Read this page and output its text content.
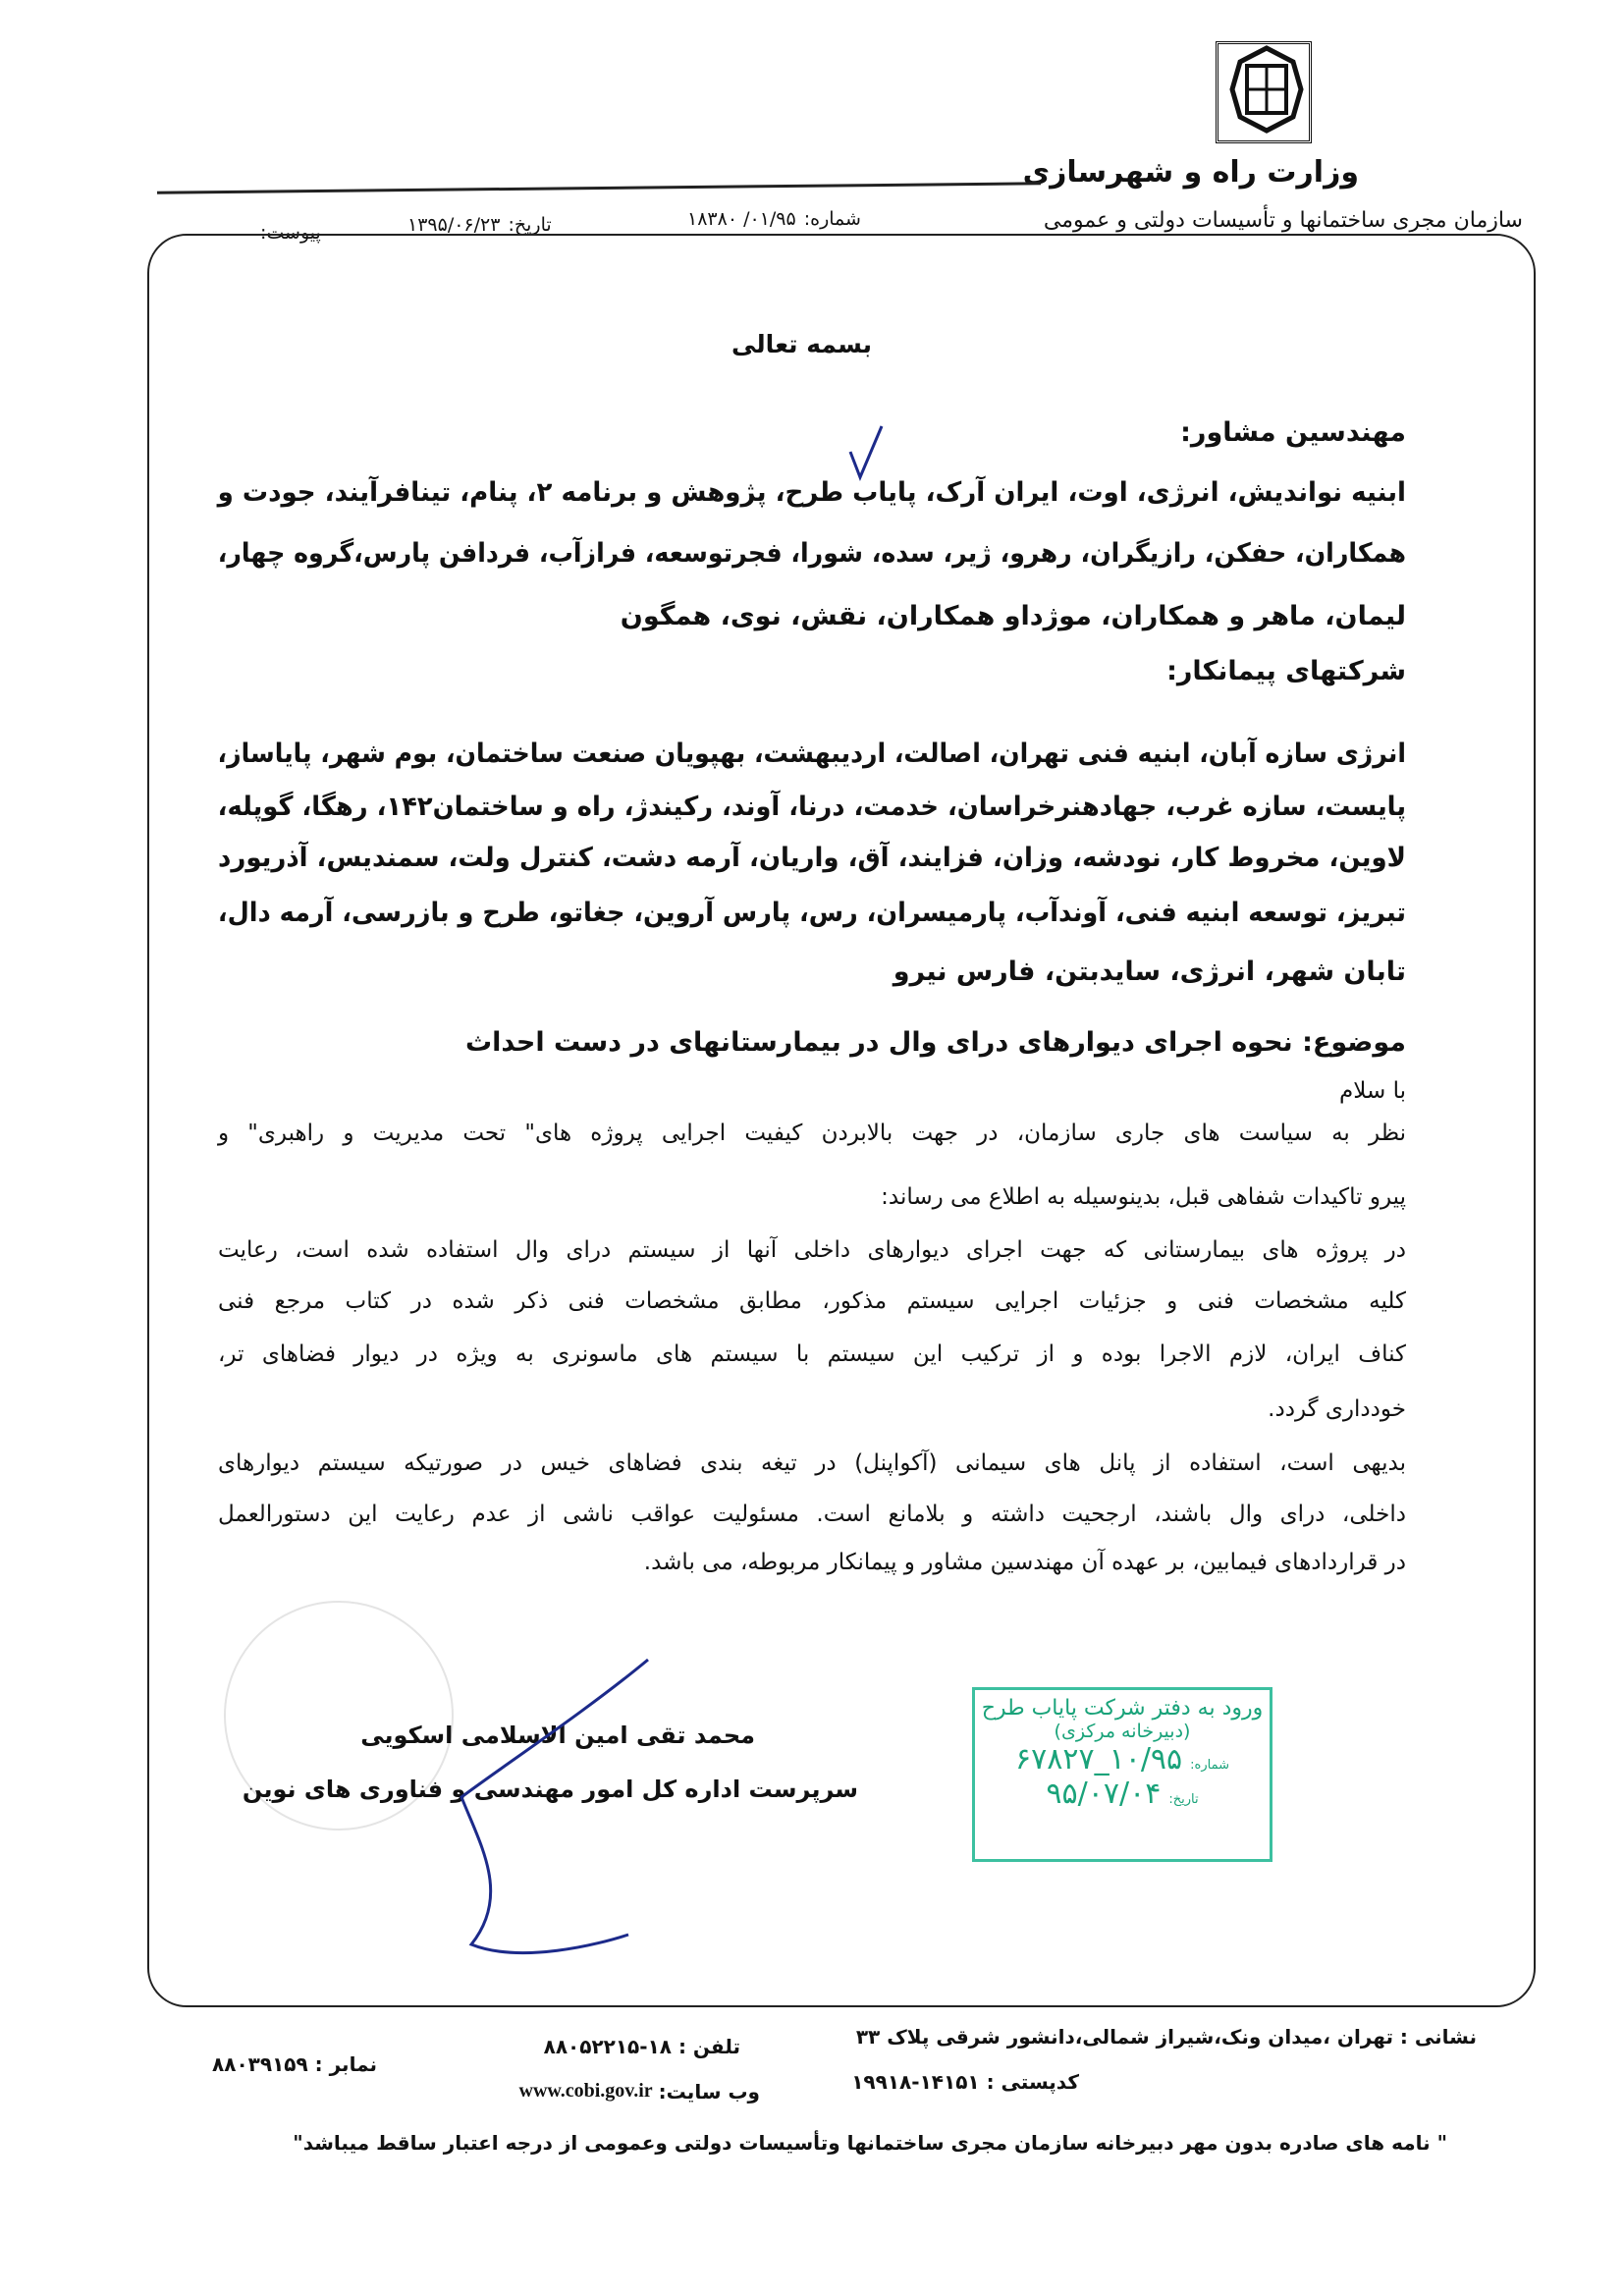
وزارت راه و شهرسازی
سازمان مجری ساختمانها و تأسیسات دولتی و عمومی
شماره:
۰۱/۹۵/ ۱۸۳۸۰
تاریخ:
۱۳۹۵/۰۶/۲۳
پیوست:
بسمه تعالی
مهندسین مشاور:
ابنیه نواندیش، انرژی، اوت، ایران آرک، پایاب طرح، پژوهش و برنامه ۲، پنام، تینافرآیند، جودت و
همکاران، حفکن، رازیگران، رهرو، ژیر، سده، شورا، فجرتوسعه، فرازآب، فردافن پارس،گروه چهار،
لیمان، ماهر و همکاران، موژداو همکاران، نقش، نوی، همگون
شرکتهای پیمانکار:
انرژی سازه آبان، ابنیه فنی تهران، اصالت، اردیبهشت، بهپویان صنعت ساختمان، بوم شهر، پایاساز،
پایست، سازه غرب، جهادهنرخراسان، خدمت، درنا، آوند، رکیندژ، راه و ساختمان۱۴۲، رهگا، گوپله،
لاوین، مخروط کار، نودشه، وزان، فزایند، آق، واریان، آرمه دشت، کنترل ولت، سمندیس، آذریورد
تبریز، توسعه ابنیه فنی، آوندآب، پارمیسران، رس، پارس آروین، جغاتو، طرح و بازرسی، آرمه دال،
تابان شهر، انرژی، سایدبتن، فارس نیرو
موضوع: نحوه اجرای دیوارهای درای وال در بیمارستانهای در دست احداث
با سلام
نظر به سیاست های جاری سازمان، در جهت بالابردن کیفیت اجرایی پروژه های" تحت مدیریت و راهبری" و
پیرو تاکیدات شفاهی قبل، بدینوسیله به اطلاع می رساند:
در پروژه های بیمارستانی که جهت اجرای دیوارهای داخلی آنها از سیستم درای وال استفاده شده است، رعایت
کلیه مشخصات فنی و جزئیات اجرایی سیستم مذکور، مطابق مشخصات فنی ذکر شده در کتاب مرجع فنی
کناف ایران، لازم الاجرا بوده و از ترکیب این سیستم با سیستم های ماسونری به ویژه در دیوار فضاهای تر،
خودداری گردد.
بدیهی است، استفاده از پانل های سیمانی (آکواپنل) در تیغه بندی فضاهای خیس در صورتیکه سیستم دیوارهای
داخلی، درای وال باشند، ارجحیت داشته و بلامانع است. مسئولیت عواقب ناشی از عدم رعایت این دستورالعمل
در قراردادهای فیمابین، بر عهده آن مهندسین مشاور و پیمانکار مربوطه، می باشد.
محمد تقی امین الاسلامی اسکویی
سرپرست اداره کل امور مهندسی و فناوری های نوین
ورود به دفتر شرکت پایاب طرح
(دبیرخانه مرکزی)
شماره:
۱۰/۹۵_۶۷۸۲۷
تاریخ:
۹۵/۰۷/۰۴
نشانی : تهران ،میدان ونک،شیراز شمالی،دانشور شرقی پلاک ۳۳
کدپستی : ۱۴۱۵۱-۱۹۹۱۸
تلفن : ۱۸-۸۸۰۵۲۲۱۵
وب سایت:
www.cobi.gov.ir
نمابر : ۸۸۰۳۹۱۵۹
" نامه های صادره بدون مهر دبیرخانه سازمان مجری ساختمانها وتأسیسات دولتی وعمومی از درجه اعتبار ساقط میباشد"
